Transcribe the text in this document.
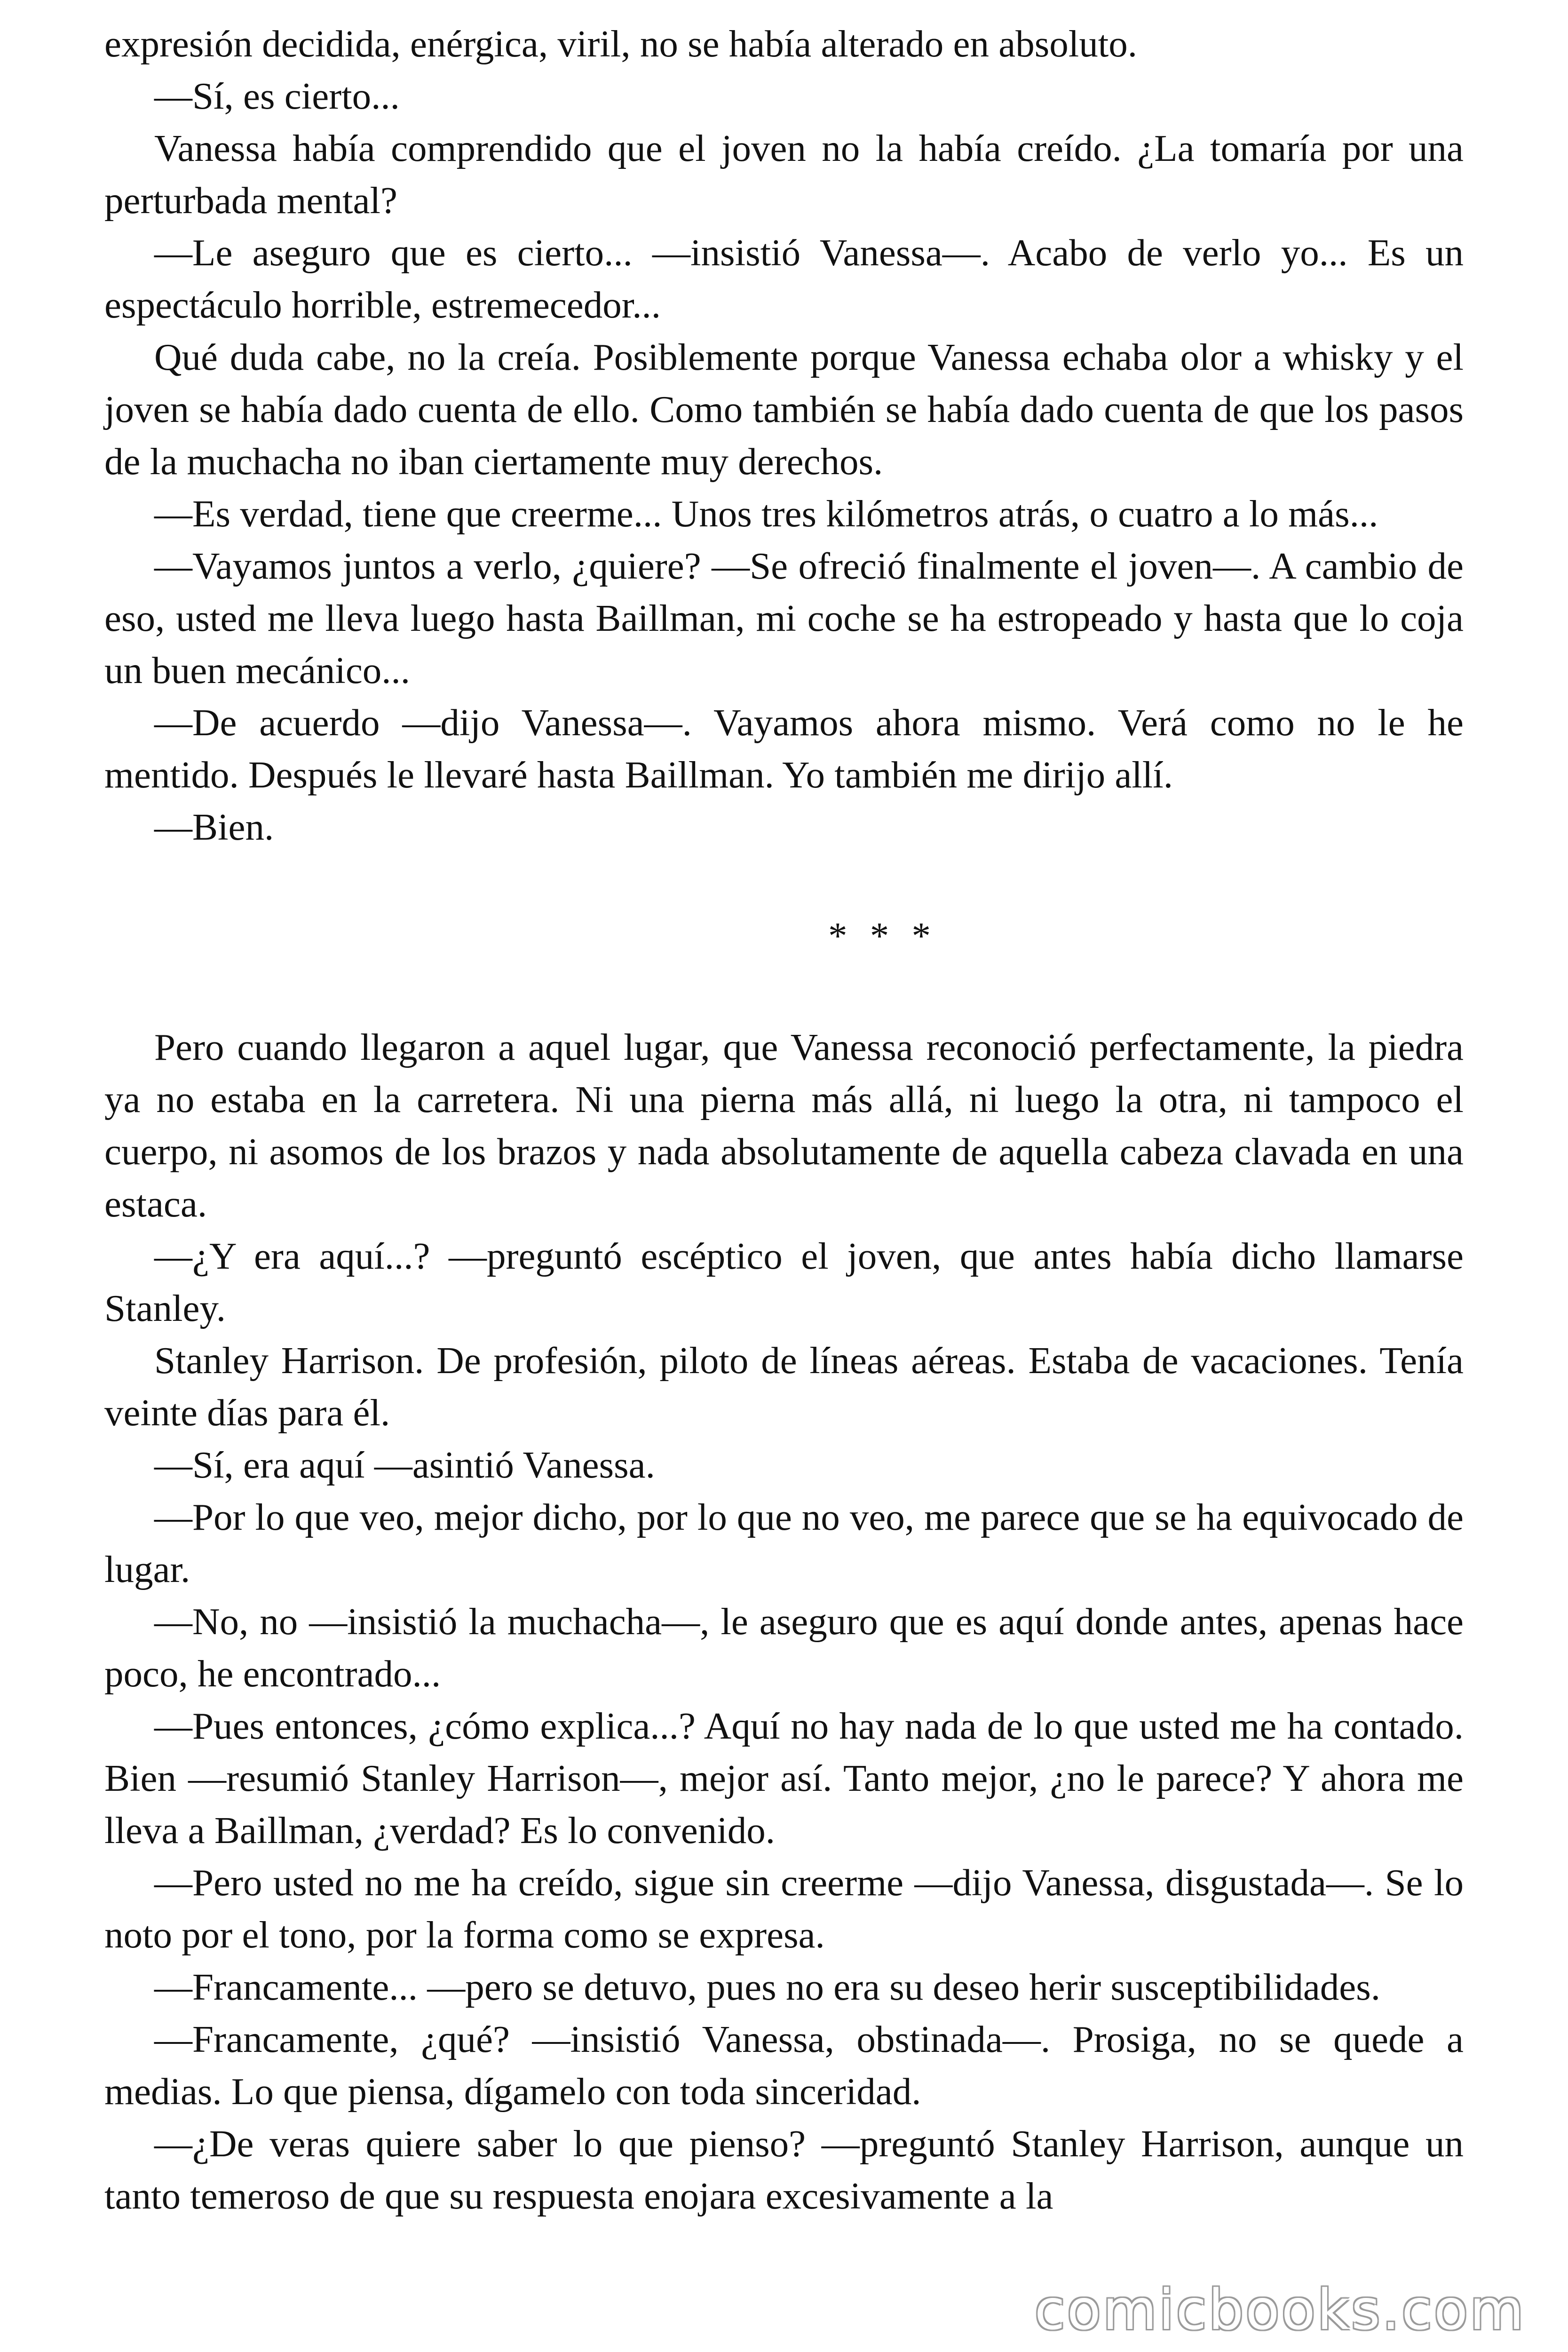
expresión decidida, enérgica, viril, no se había alterado en absoluto.

—Sí, es cierto...

Vanessa había comprendido que el joven no la había creído. ¿La tomaría por una perturbada mental?

—Le aseguro que es cierto... —insistió Vanessa—. Acabo de verlo yo... Es un espectáculo horrible, estremecedor...

Qué duda cabe, no la creía. Posiblemente porque Vanessa echaba olor a whisky y el joven se había dado cuenta de ello. Como también se había dado cuenta de que los pasos de la muchacha no iban ciertamente muy derechos.

—Es verdad, tiene que creerme... Unos tres kilómetros atrás, o cuatro a lo más...

—Vayamos juntos a verlo, ¿quiere? —Se ofreció finalmente el joven—. A cambio de eso, usted me lleva luego hasta Baillman, mi coche se ha estropeado y hasta que lo coja un buen mecánico...

—De acuerdo —dijo Vanessa—. Vayamos ahora mismo. Verá como no le he mentido. Después le llevaré hasta Baillman. Yo también me dirijo allí.

—Bien.

* * *

Pero cuando llegaron a aquel lugar, que Vanessa reconoció perfectamente, la piedra ya no estaba en la carretera. Ni una pierna más allá, ni luego la otra, ni tampoco el cuerpo, ni asomos de los brazos y nada absolutamente de aquella cabeza clavada en una estaca.

—¿Y era aquí...? —preguntó escéptico el joven, que antes había dicho llamarse Stanley.

Stanley Harrison. De profesión, piloto de líneas aéreas. Estaba de vacaciones. Tenía veinte días para él.

—Sí, era aquí —asintió Vanessa.

—Por lo que veo, mejor dicho, por lo que no veo, me parece que se ha equivocado de lugar.

—No, no —insistió la muchacha—, le aseguro que es aquí donde antes, apenas hace poco, he encontrado...

—Pues entonces, ¿cómo explica...? Aquí no hay nada de lo que usted me ha contado. Bien —resumió Stanley Harrison—, mejor así. Tanto mejor, ¿no le parece? Y ahora me lleva a Baillman, ¿verdad? Es lo convenido.

—Pero usted no me ha creído, sigue sin creerme —dijo Vanessa, disgustada—. Se lo noto por el tono, por la forma como se expresa.

—Francamente... —pero se detuvo, pues no era su deseo herir susceptibilidades.

—Francamente, ¿qué? —insistió Vanessa, obstinada—. Prosiga, no se quede a medias. Lo que piensa, dígamelo con toda sinceridad.

—¿De veras quiere saber lo que pienso? —preguntó Stanley Harrison, aunque un tanto temeroso de que su respuesta enojara excesivamente a la

comicbooks.com
